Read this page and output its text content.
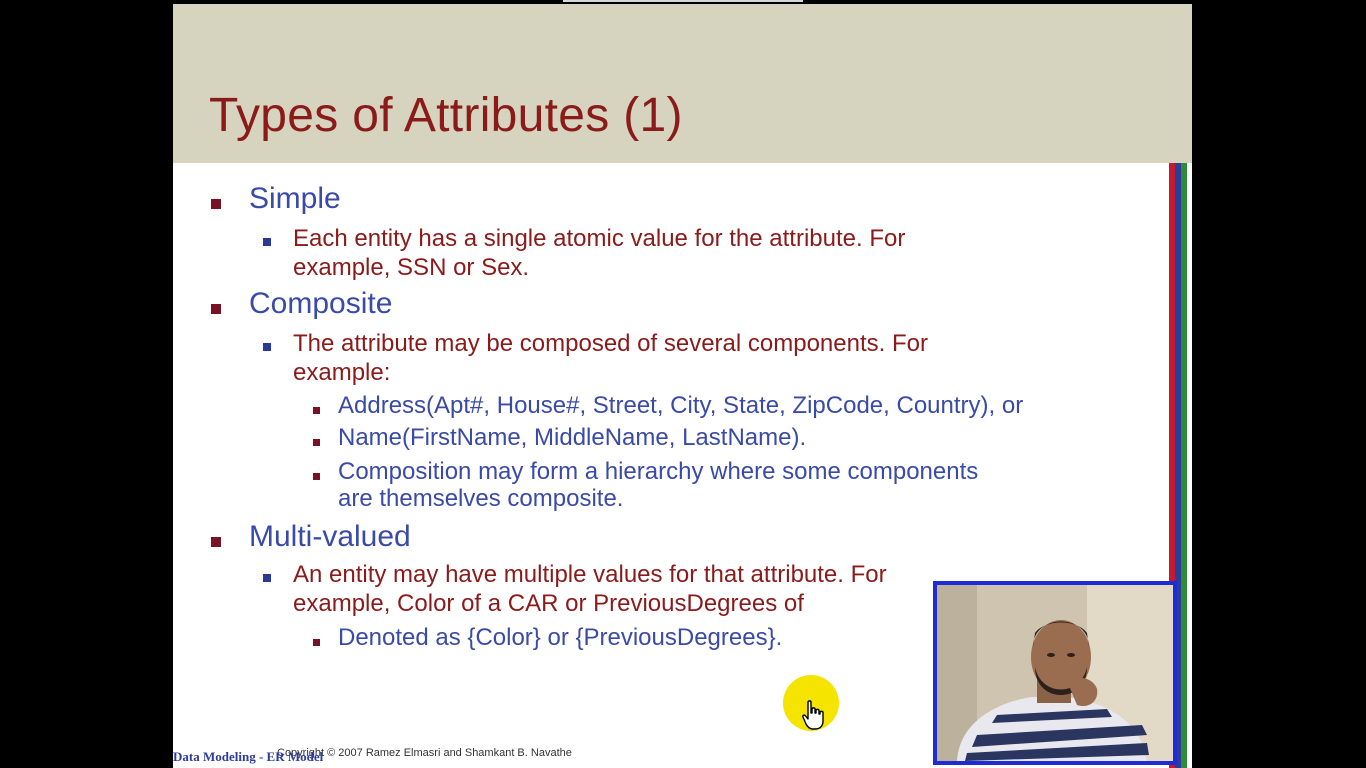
Types of Attributes (1)
Simple
Each entity has a single atomic value for the attribute. For
example, SSN or Sex.
Composite
The attribute may be composed of several components. For
example:
Address(Apt#, House#, Street, City, State, ZipCode, Country), or
Name(FirstName, MiddleName, LastName).
Composition may form a hierarchy where some components
are themselves composite.
Multi-valued
An entity may have multiple values for that attribute. For
example, Color of a CAR or PreviousDegrees of
Denoted as {Color} or {PreviousDegrees}.
Copyright © 2007 Ramez Elmasri and Shamkant B. Navathe
Data Modeling - ER Model
